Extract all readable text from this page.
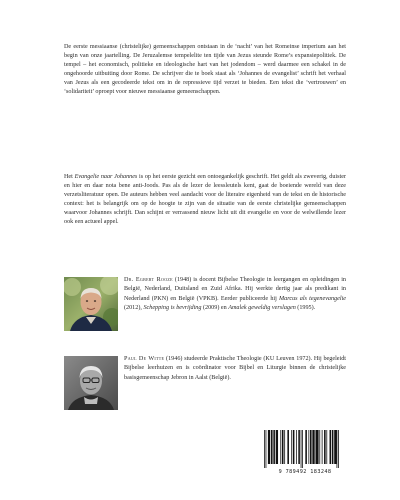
De eerste messiaanse (christelijke) gemeenschappen ontstaan in de ‘nacht’ van het Romeinse imperium aan het begin van onze jaartelling. De Jeruzalemse tempelelite ten tijde van Jezus steunde Rome’s expansiepolitiek. De tempel – het economisch, politieke en ideologische hart van het jodendom – werd daarmee een schakel in de ongehoorde uitbuiting door Rome. De schrijver die te boek staat als ‘Johannes de evangelist’ schrift het verhaal van Jezus als een gecodeerde tekst om in de repressieve tijd verzet te bieden. Een tekst die ‘vertrouwen’ en ‘solidariteit’ oproept voor nieuwe messiaanse gemeenschappen.

Het Evangelie naar Johannes is op het eerste gezicht een ontoegankelijk geschrift. Het geldt als zweverig, duister en hier en daar nota bene anti-Joods. Pas als de lezer de leessleutels kent, gaat de boeiende wereld van deze verzetsliteratuur open. De auteurs hebben veel aandacht voor de literaire eigenheid van de tekst en de historische context: het is belangrijk om op de hoogte te zijn van de situatie van de eerste christelijke gemeenschappen waarvoor Johannes schrijft. Dan schijnt er verrassend nieuw licht uit dit evangelie en voor de welwillende lezer ook een actueel appel.

Dr. Egbert Rooze (1948) is docent Bijbelse Theologie in leergangen en opleidingen in België, Nederland, Duitsland en Zuid Afrika. Hij werkte dertig jaar als predikant in Nederland (PKN) en België (VPKB). Eerder publiceerde hij Marcus als tegenevangelie (2012), Schepping is bevrijding (2009) en Amalek geweldig verslagen (1995).

Paul De Witte (1946) studeerde Praktische Theologie (KU Leuven 1972). Hij begeleidt Bijbelse leerhuizen en is coördinator voor Bijbel en Liturgie binnen de christelijke basisgemeenschap Jebron in Aalst (België).

9 789492 183248
